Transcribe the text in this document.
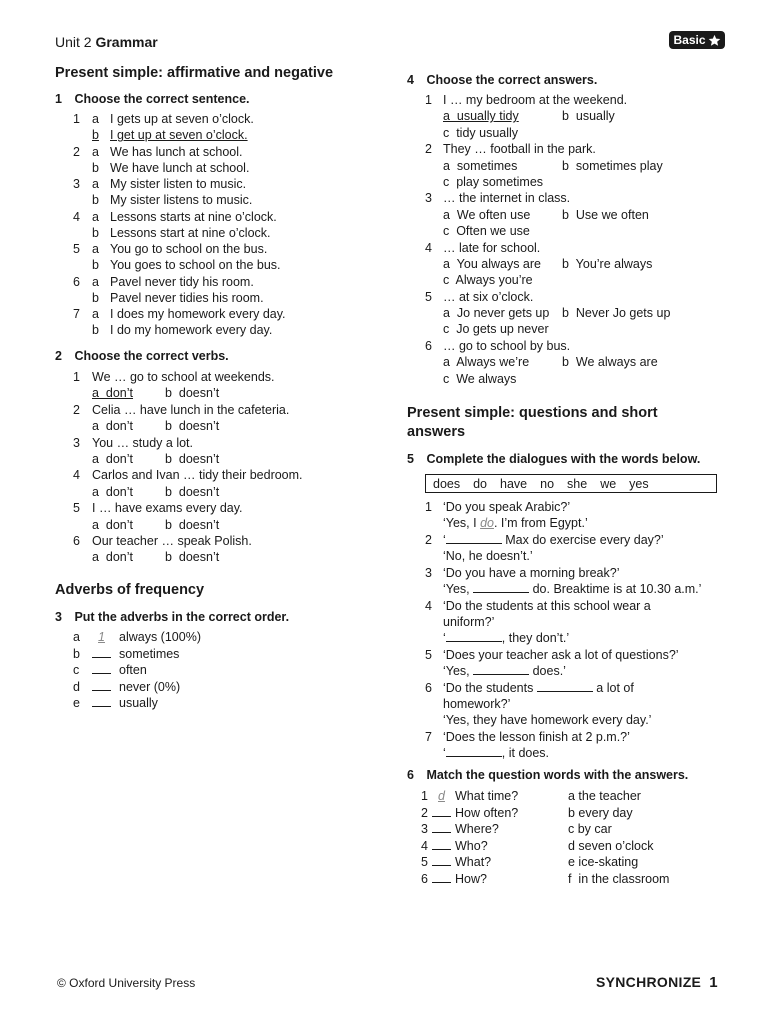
Unit 2 Grammar	Basic
Present simple: affirmative and negative
1 Choose the correct sentence.
2 Choose the correct verbs.
Adverbs of frequency
3 Put the adverbs in the correct order.
4 Choose the correct answers.
Present simple: questions and short
answers
5 Complete the dialogues with the words below.
does do have no she we yes
1 ‘Do you speak Arabic?’
‘Yes, I do. I’m from Egypt.’
2 ‘	Max do exercise every day?’
‘No, he doesn’t.’
3 ‘Do you have a morning break?’
‘Yes,	do. Breaktime is at 10.30 a.m.’
4 ‘Do the students at this school wear a
uniform?’
‘	, they don’t.’
5 ‘Does your teacher ask a lot of questions?’
‘Yes,	does.’
6 ‘Do the students	a lot of
homework?’
‘Yes, they have homework every day.’
7 ‘Does the lesson finish at 2 p.m.?’
‘	, it does.
6 Match the question words with the answers.
© Oxford University Press	SYNCHRONIZE 1
1 a I gets up at seven o’clock.
b I get up at seven o’clock.
2 a We has lunch at school.
b We have lunch at school.
3 a My sister listen to music.
b My sister listens to music.
4 a Lessons starts at nine o’clock.
b Lessons start at nine o’clock.
5 a You go to school on the bus.
b You goes to school on the bus.
6 a Pavel never tidy his room.
b Pavel never tidies his room.
7 a I does my homework every day.
b I do my homework every day.
1 We … go to school at weekends.
a  don’t	b  doesn’t
2 Celia … have lunch in the cafeteria.
a  don’t	b  doesn’t
3 You … study a lot.
a  don’t	b  doesn’t
4 Carlos and Ivan … tidy their bedroom.
a  don’t	b  doesn’t
5 I … have exams every day.
a  don’t	b  doesn’t
6 Our teacher … speak Polish.
a  don’t	b  doesn’t
a	1	always (100%)
b	sometimes
c	often
d	never (0%)
e	usually
1 I … my bedroom at the weekend.
a  usually tidy	b  usually
c  tidy usually
2 They … football in the park.
a  sometimes	b  sometimes play
c  play sometimes
3 … the internet in class.
a  We often use	b  Use we often
c  Often we use
4 … late for school.
a  You always are b  You’re always
c  Always you’re
5 … at six o’clock.
a  Jo never gets up b  Never Jo gets up
c  Jo gets up never
6 … go to school by bus.
a  Always we’re	b  We always are
c  We always
1 d What time?	a the teacher
2 How often?	b every day
3 Where?	c by car
4 Who?	d seven o’clock
5 What?	e ice-skating
6 How?	f  in the classroom
